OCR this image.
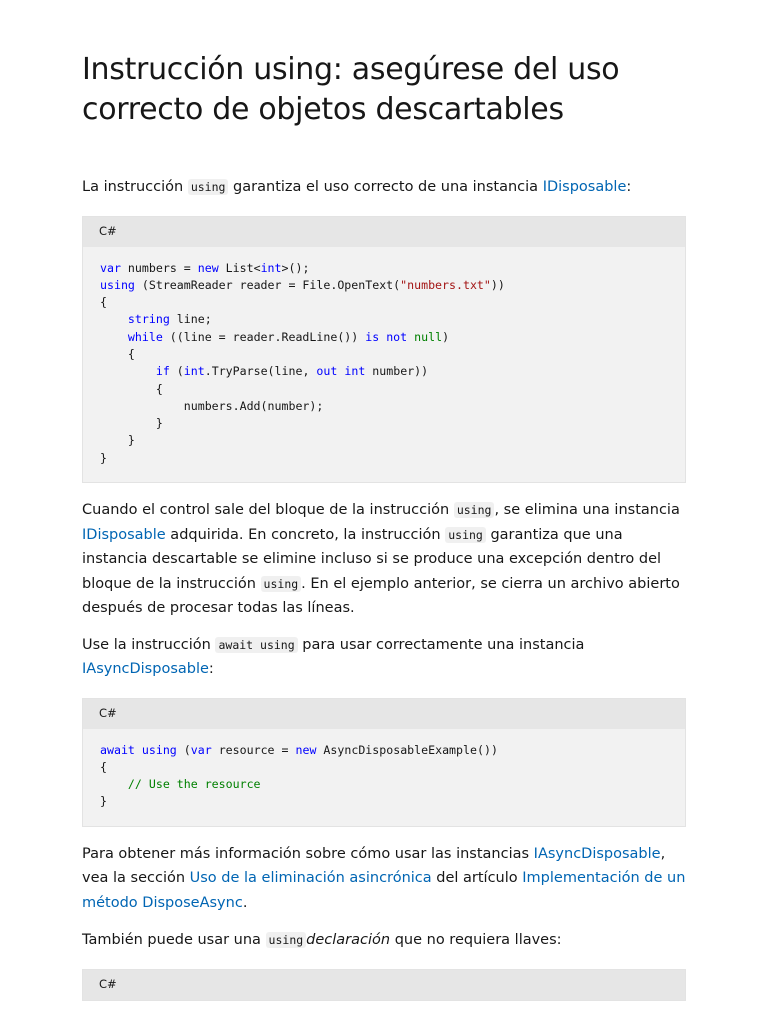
Instrucción using: asegúrese del uso correcto de objetos descartables

La instrucción using garantiza el uso correcto de una instancia IDisposable:

C#
var numbers = new List<int>();
using (StreamReader reader = File.OpenText("numbers.txt"))
{
string line;
while ((line = reader.ReadLine()) is not null)
{
if (int.TryParse(line, out int number))
{
numbers.Add(number);
}
}
}

Cuando el control sale del bloque de la instrucción using , se elimina una instancia IDisposable adquirida. En concreto, la instrucción using garantiza que una instancia descartable se elimine incluso si se produce una excepción dentro del bloque de la instrucción using . En el ejemplo anterior, se cierra un archivo abierto después de procesar todas las líneas.

Use la instrucción await using para usar correctamente una instancia IAsyncDisposable:

C#
await using (var resource = new AsyncDisposableExample())
{
// Use the resource
}

Para obtener más información sobre cómo usar las instancias IAsyncDisposable, vea la sección Uso de la eliminación asincrónica del artículo Implementación de un método DisposeAsync.

También puede usar una using declaración que no requiera llaves:

C#
